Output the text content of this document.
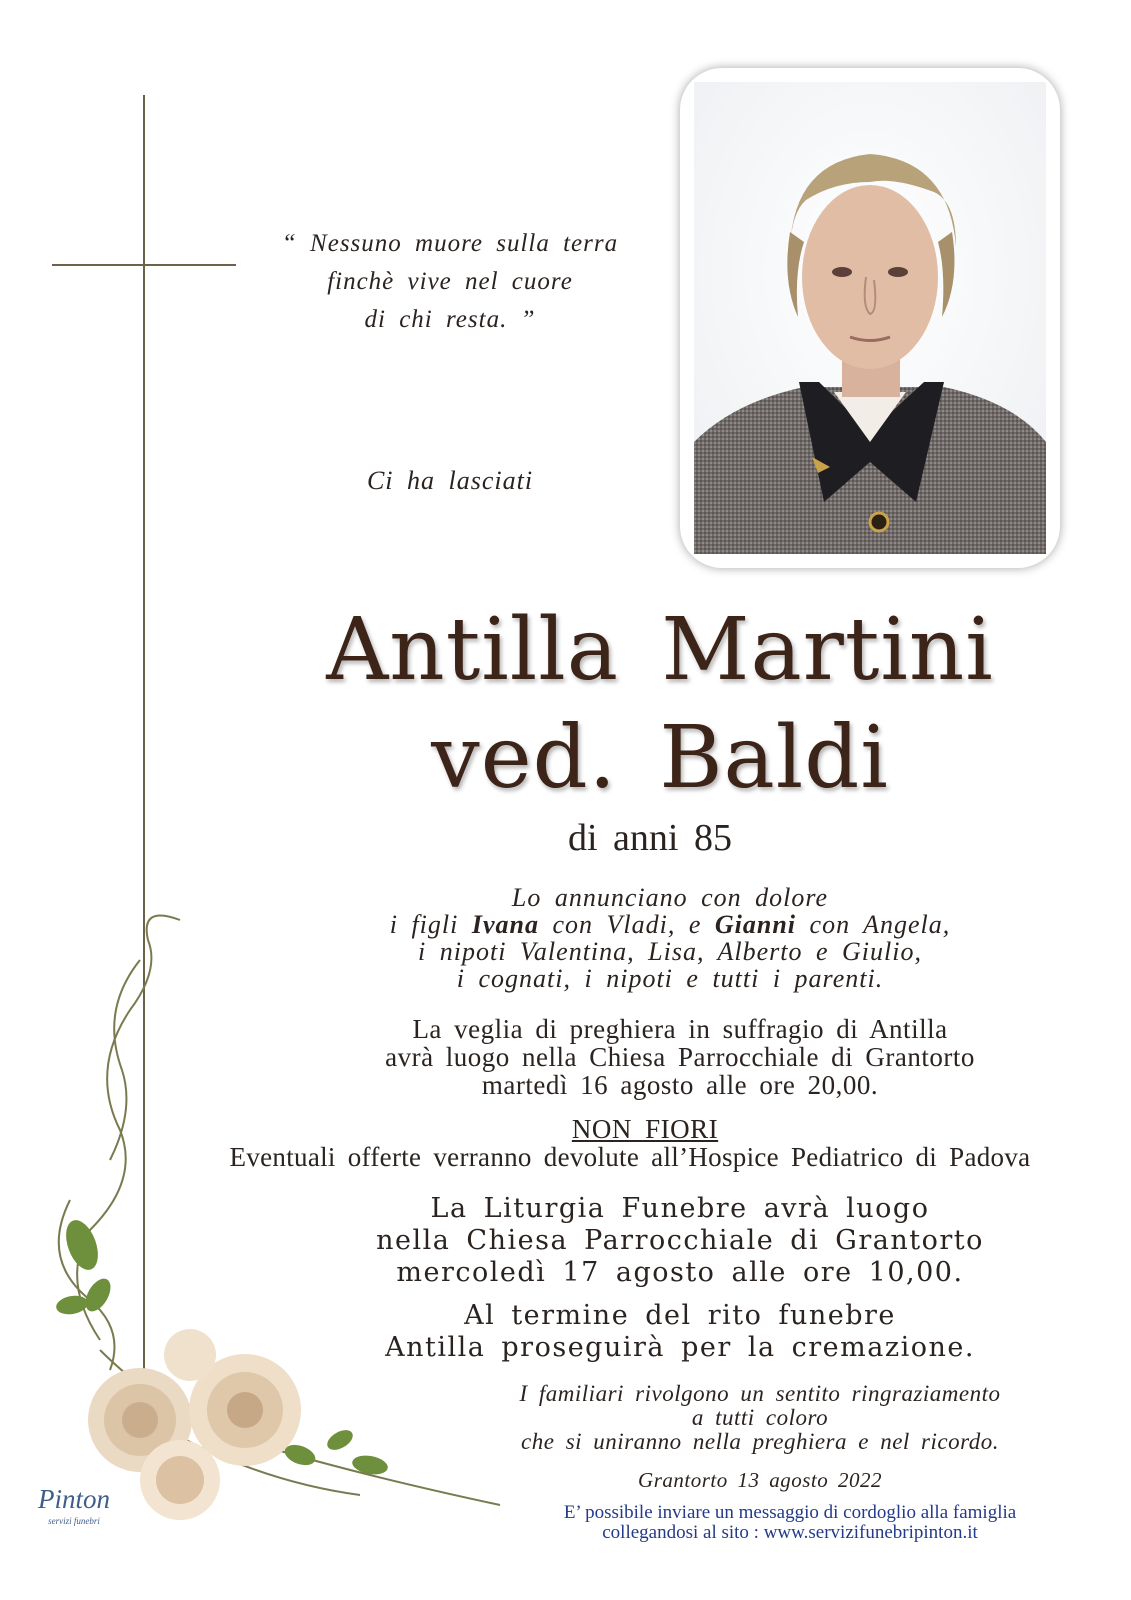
“ Nessuno muore sulla terra
finchè vive nel cuore
di chi resta. ”
Ci ha lasciati
Antilla Martini
ved. Baldi
di anni 85
Lo annunciano con dolore
i figli Ivana con Vladi, e Gianni con Angela,
i nipoti Valentina, Lisa, Alberto e Giulio,
i cognati, i nipoti e tutti i parenti.
La veglia di preghiera in suffragio di Antilla
avrà luogo nella Chiesa Parrocchiale di Grantorto
martedì 16 agosto alle ore 20,00.
NON FIORI
Eventuali offerte verranno devolute all’Hospice Pediatrico di Padova
La Liturgia Funebre avrà luogo
nella Chiesa Parrocchiale di Grantorto
mercoledì 17 agosto alle ore 10,00.
Al termine del rito funebre
Antilla proseguirà per la cremazione.
I familiari rivolgono un sentito ringraziamento
a tutti coloro
che si uniranno nella preghiera e nel ricordo.
Grantorto 13 agosto 2022
E’ possibile inviare un messaggio di cordoglio alla famiglia
collegandosi al sito : www.servizifunebripinton.it
Pinton
servizi funebri
